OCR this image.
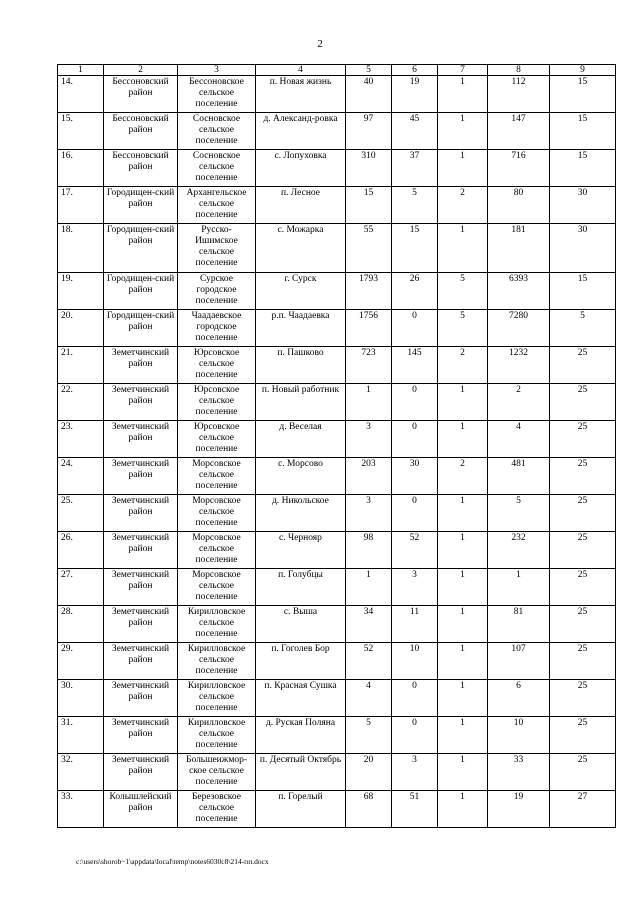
2
1	2	3	4	5	6	7	8	9
14.	Бессоновский район	Бессоновское сельское поселение	п. Новая жизнь	40	19	1	112	15
15.	Бессоновский район	Сосновское сельское поселение	д. Александ-ровка	97	45	1	147	15
16.	Бессоновский район	Сосновское сельское поселение	с. Лопуховка	310	37	1	716	15
17.	Городищен-ский район	Архангельское сельское поселение	п. Лесное	15	5	2	80	30
18.	Городищен-ский район	Русско-Ишимское сельское поселение	с. Можарка	55	15	1	181	30
19.	Городищен-ский район	Сурское городское поселение	г. Сурск	1793	26	5	6393	15
20.	Городищен-ский район	Чаадаевское городское поселение	р.п. Чаадаевка	1756	0	5	7280	5
21.	Земетчинский район	Юрсовское сельское поселение	п. Пашково	723	145	2	1232	25
22.	Земетчинский район	Юрсовское сельское поселение	п. Новый работник	1	0	1	2	25
23.	Земетчинский район	Юрсовское сельское поселение	д. Веселая	3	0	1	4	25
24.	Земетчинский район	Морсовское сельское поселение	с. Морсово	203	30	2	481	25
25.	Земетчинский район	Морсовское сельское поселение	д. Никольское	3	0	1	5	25
26.	Земетчинский район	Морсовское сельское поселение	с. Чернояр	98	52	1	232	25
27.	Земетчинский район	Морсовское сельское поселение	п. Голубцы	1	3	1	1	25
28.	Земетчинский район	Кирилловское сельское поселение	с. Выша	34	11	1	81	25
29.	Земетчинский район	Кирилловское сельское поселение	п. Гоголев Бор	52	10	1	107	25
30.	Земетчинский район	Кирилловское сельское поселение	п. Красная Сушка	4	0	1	6	25
31.	Земетчинский район	Кирилловское сельское поселение	д. Руская Поляна	5	0	1	10	25
32.	Земетчинский район	Большеижмор-ское сельское поселение	п. Десятый Октябрь	20	3	1	33	25
33.	Колышлейский район	Березовское сельское поселение	п. Горелый	68	51	1	19	27
c:\users\shorob~1\appdata\local\temp\notes6030c8\214-пп.docx
